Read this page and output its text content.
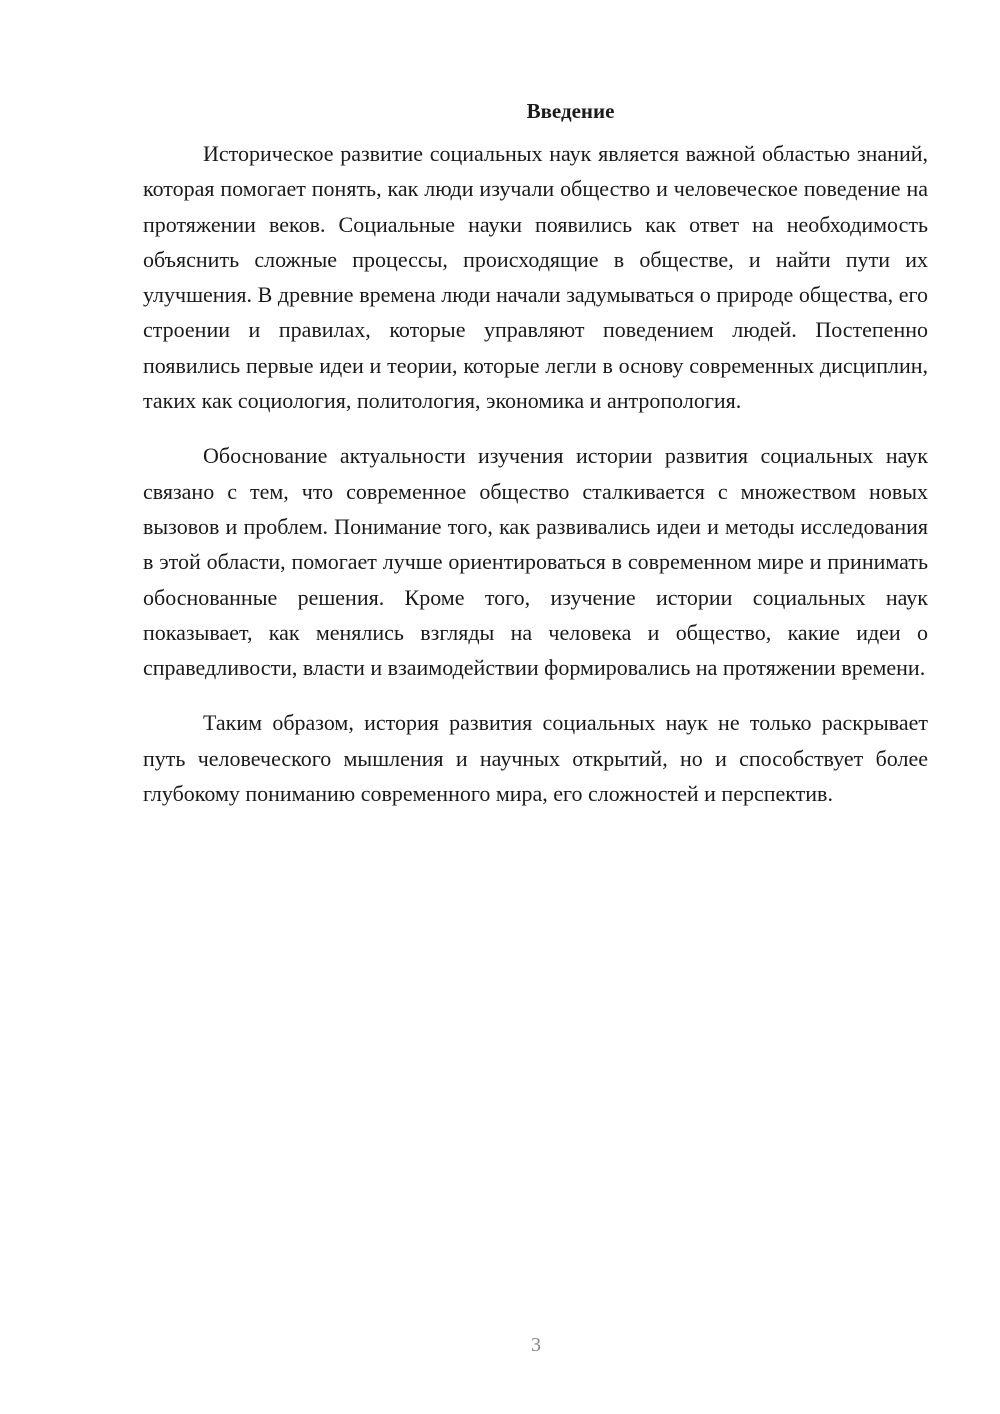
Введение

Историческое развитие социальных наук является важной областью знаний, которая помогает понять, как люди изучали общество и человеческое поведение на протяжении веков. Социальные науки появились как ответ на необходимость объяснить сложные процессы, происходящие в обществе, и найти пути их улучшения. В древние времена люди начали задумываться о природе общества, его строении и правилах, которые управляют поведением людей. Постепенно появились первые идеи и теории, которые легли в основу современных дисциплин, таких как социология, политология, экономика и антропология.

Обоснование актуальности изучения истории развития социальных наук связано с тем, что современное общество сталкивается с множеством новых вызовов и проблем. Понимание того, как развивались идеи и методы исследования в этой области, помогает лучше ориентироваться в современном мире и принимать обоснованные решения. Кроме того, изучение истории социальных наук показывает, как менялись взгляды на человека и общество, какие идеи о справедливости, власти и взаимодействии формировались на протяжении времени.

Таким образом, история развития социальных наук не только раскрывает путь человеческого мышления и научных открытий, но и способствует более глубокому пониманию современного мира, его сложностей и перспектив.

3
